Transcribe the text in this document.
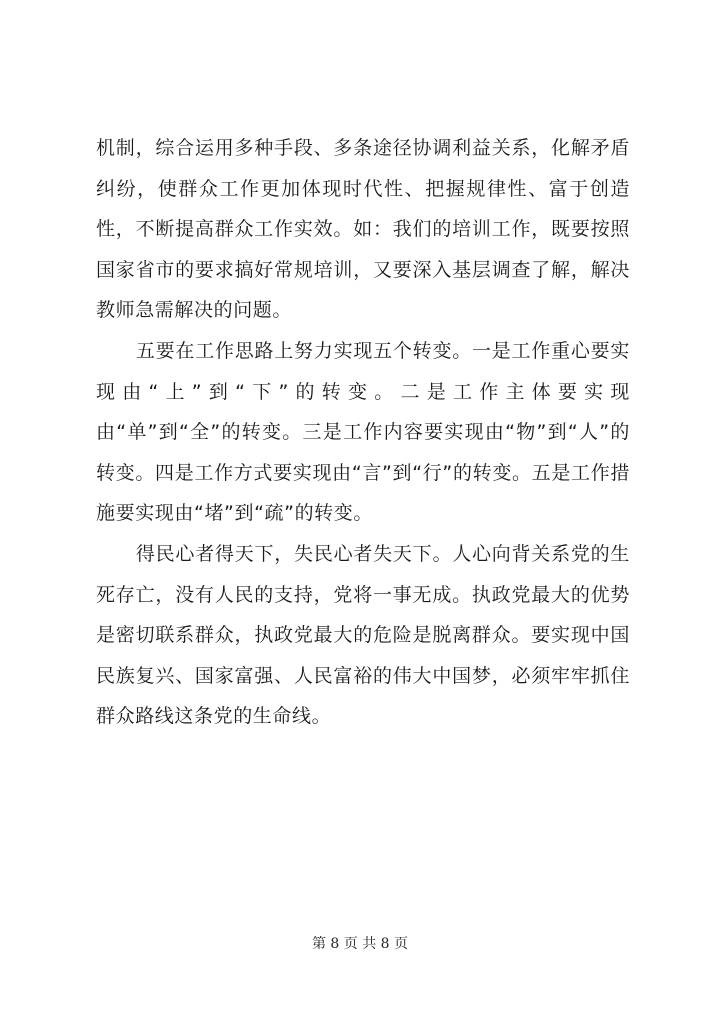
机制，综合运用多种手段、多条途径协调利益关系，化解矛盾纠纷，使群众工作更加体现时代性、把握规律性、富于创造性，不断提高群众工作实效。如：我们的培训工作，既要按照国家省市的要求搞好常规培训，又要深入基层调查了解，解决教师急需解决的问题。

五要在工作思路上努力实现五个转变。一是工作重心要实现由“上”到“下”的转变。二是工作主体要实现由“单”到“全”的转变。三是工作内容要实现由“物”到“人”的转变。四是工作方式要实现由“言”到“行”的转变。五是工作措施要实现由“堵”到“疏”的转变。

得民心者得天下，失民心者失天下。人心向背关系党的生死存亡，没有人民的支持，党将一事无成。执政党最大的优势是密切联系群众，执政党最大的危险是脱离群众。要实现中国民族复兴、国家富强、人民富裕的伟大中国梦，必须牢牢抓住群众路线这条党的生命线。

第 8 页 共 8 页
